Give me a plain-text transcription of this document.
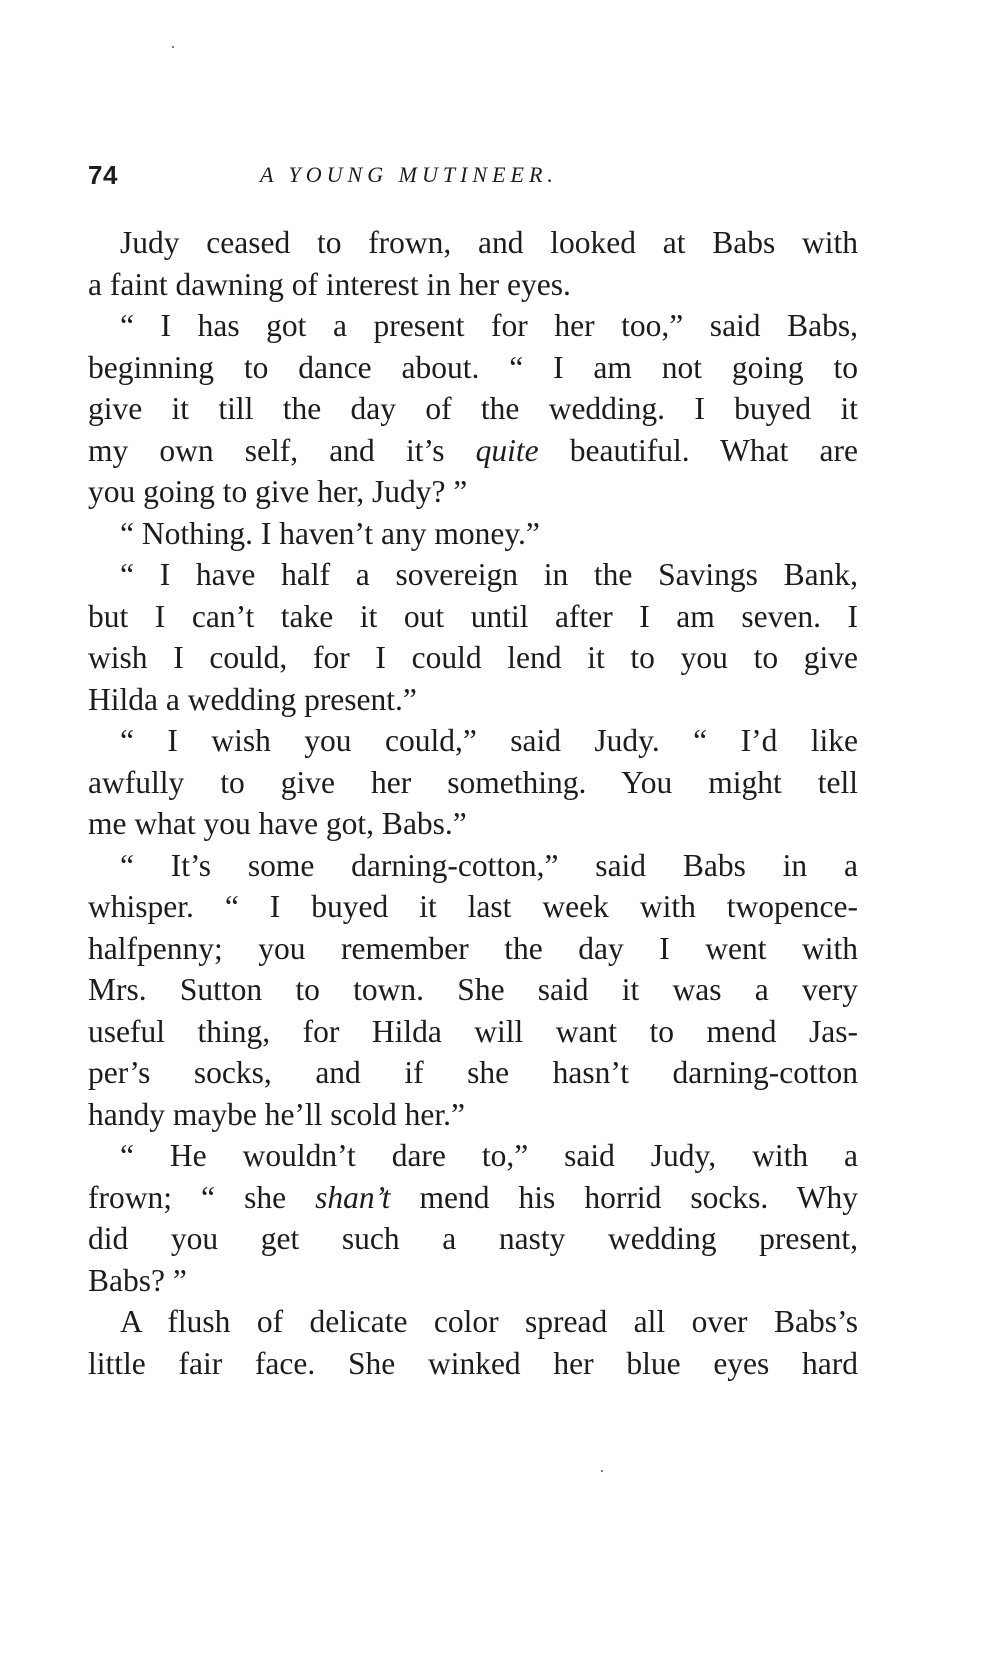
74	A YOUNG MUTINEER.
Judy ceased to frown, and looked at Babs with
a faint dawning of interest in her eyes.
“ I has got a present for her too,” said Babs,
beginning to dance about. “ I am not going to
give it till the day of the wedding. I buyed it
my own self, and it’s quite beautiful. What are
you going to give her, Judy? ”
“ Nothing. I haven’t any money.”
“ I have half a sovereign in the Savings Bank,
but I can’t take it out until after I am seven. I
wish I could, for I could lend it to you to give
Hilda a wedding present.”
“ I wish you could,” said Judy. “ I’d like
awfully to give her something. You might tell
me what you have got, Babs.”
“ It’s some darning-cotton,” said Babs in a
whisper. “ I buyed it last week with twopence-
halfpenny; you remember the day I went with
Mrs. Sutton to town. She said it was a very
useful thing, for Hilda will want to mend Jas-
per’s socks, and if she hasn’t darning-cotton
handy maybe he’ll scold her.”
“ He wouldn’t dare to,” said Judy, with a
frown; “ she shan’t mend his horrid socks. Why
did you get such a nasty wedding present,
Babs? ”
A flush of delicate color spread all over Babs’s
little fair face. She winked her blue eyes hard
